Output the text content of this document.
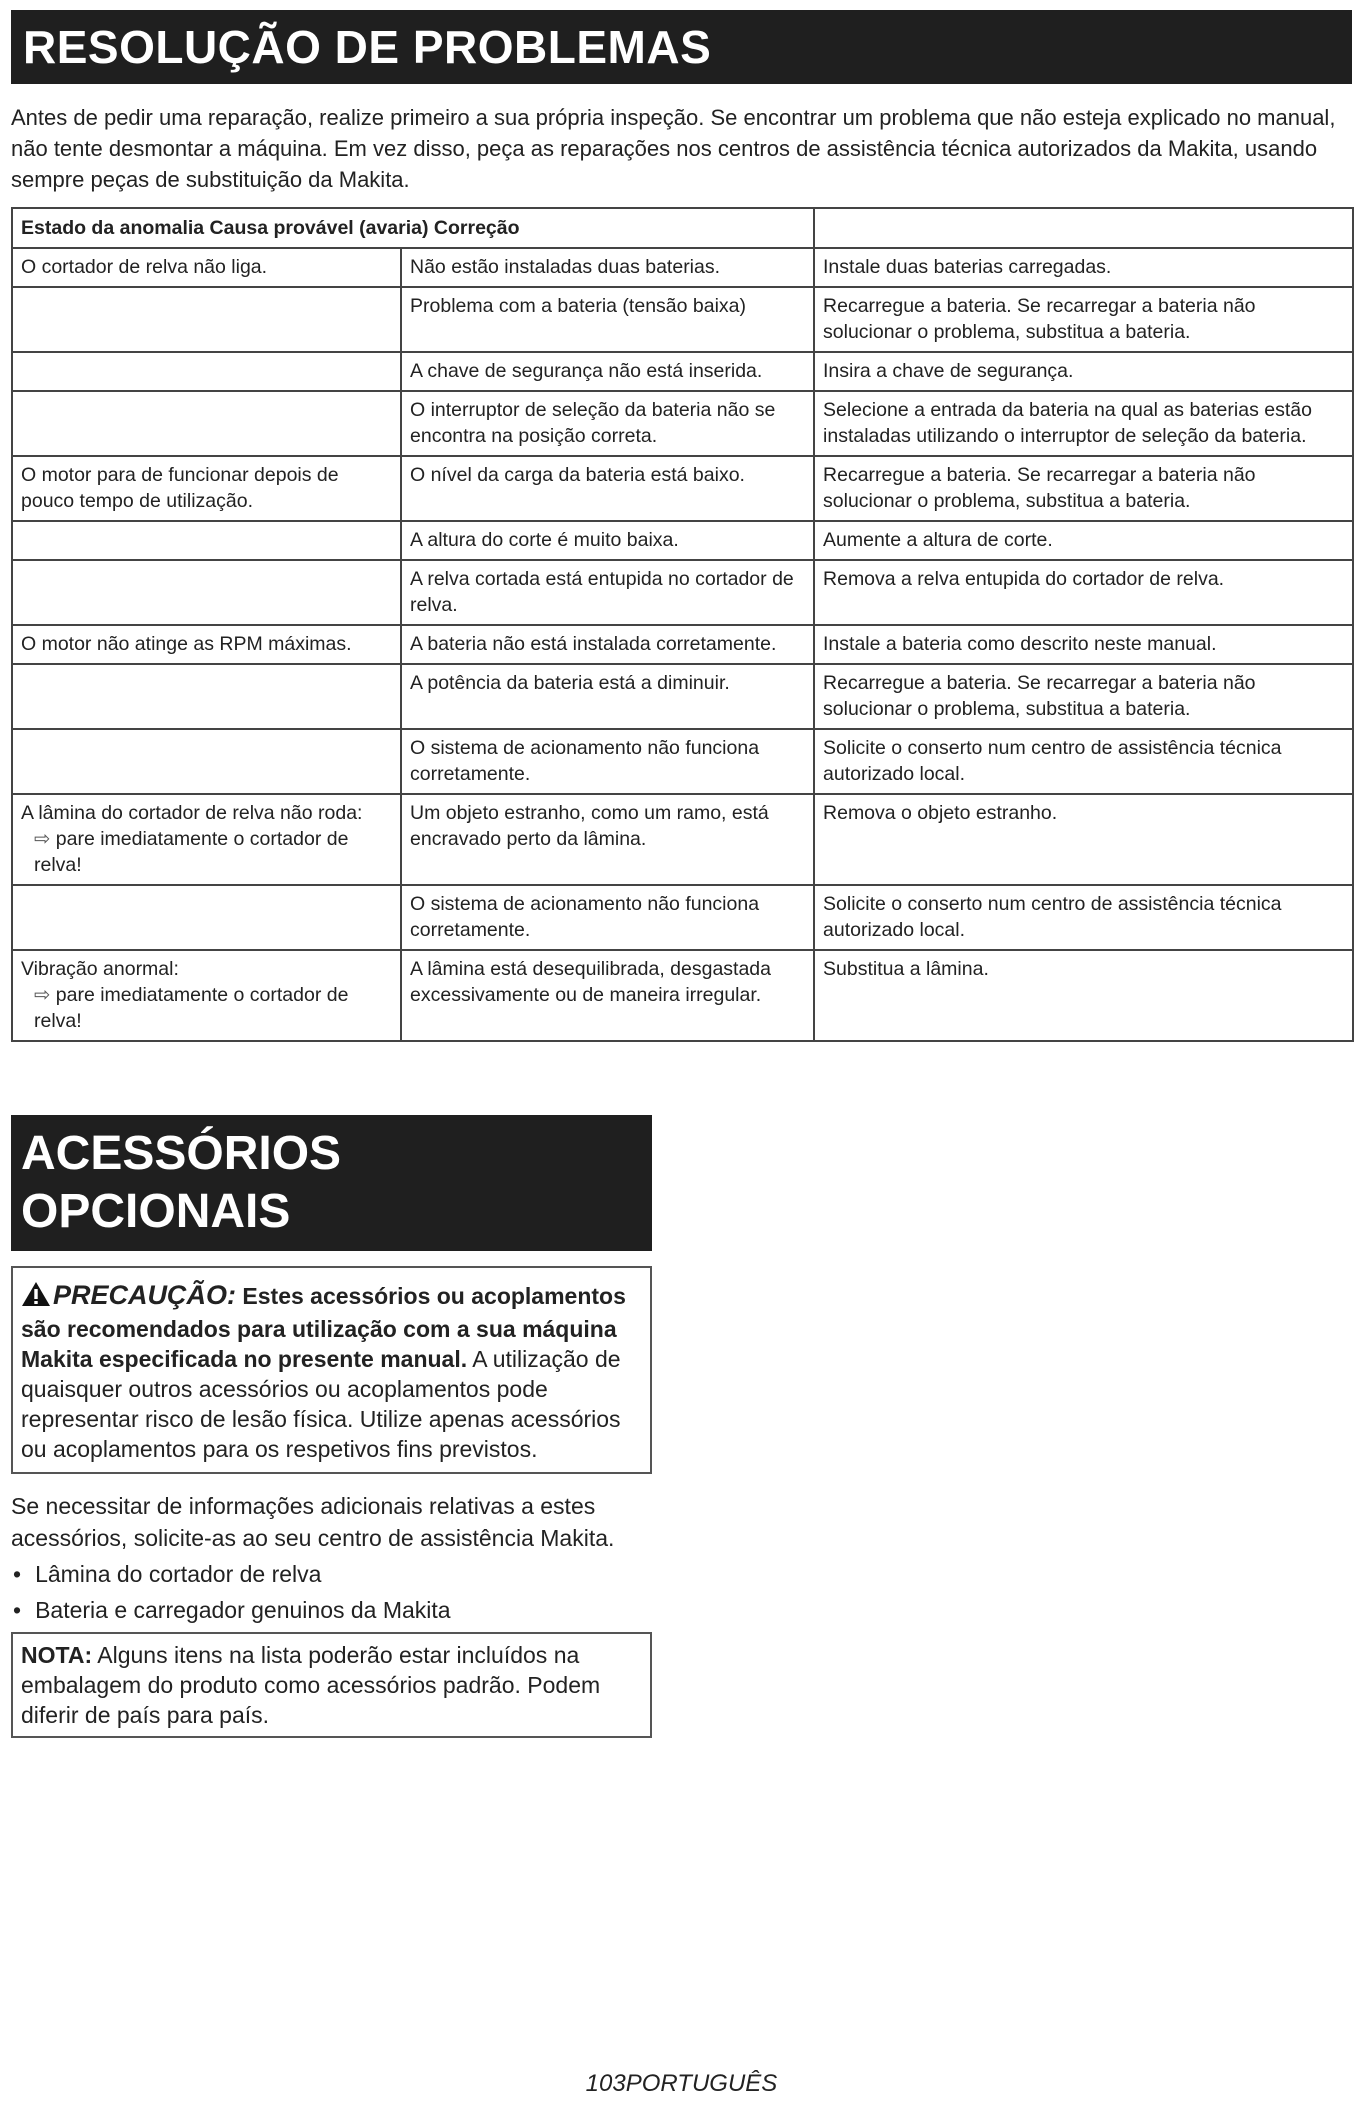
RESOLUÇÃO DE PROBLEMAS
Antes de pedir uma reparação, realize primeiro a sua própria inspeção. Se encontrar um problema que não esteja explicado no manual, não tente desmontar a máquina. Em vez disso, peça as reparações nos centros de assistência técnica autorizados da Makita, usando sempre peças de substituição da Makita.
Estado da anomalia Causa provável (avaria) Correção		
O cortador de relva não liga.	Não estão instaladas duas baterias.	Instale duas baterias carregadas.
	Problema com a bateria (tensão baixa)	Recarregue a bateria. Se recarregar a bateria não solucionar o problema, substitua a bateria.
	A chave de segurança não está inserida.	Insira a chave de segurança.
	O interruptor de seleção da bateria não se encontra na posição correta.	Selecione a entrada da bateria na qual as baterias estão instaladas utilizando o interruptor de seleção da bateria.
O motor para de funcionar depois de pouco tempo de utilização.	O nível da carga da bateria está baixo.	Recarregue a bateria. Se recarregar a bateria não solucionar o problema, substitua a bateria.
	A altura do corte é muito baixa.	Aumente a altura de corte.
	A relva cortada está entupida no cortador de relva.	Remova a relva entupida do cortador de relva.
O motor não atinge as RPM máximas.	A bateria não está instalada corretamente.	Instale a bateria como descrito neste manual.
	A potência da bateria está a diminuir.	Recarregue a bateria. Se recarregar a bateria não solucionar o problema, substitua a bateria.
	O sistema de acionamento não funciona corretamente.	Solicite o conserto num centro de assistência técnica autorizado local.

A lâmina do cortador de relva não roda:
⇨ pare imediatamente o cortador de relva!	Um objeto estranho, como um ramo, está encravado perto da lâmina.	Remova o objeto estranho.
	O sistema de acionamento não funciona corretamente.	Solicite o conserto num centro de assistência técnica autorizado local.

Vibração anormal:
⇨ pare imediatamente o cortador de relva!	A lâmina está desequilibrada, desgastada excessivamente ou de maneira irregular.	Substitua a lâmina.
ACESSÓRIOS
OPCIONAIS
PRECAUÇÃO: Estes acessórios ou acoplamentos são recomendados para utilização com a sua máquina Makita especificada no presente manual. A utilização de quaisquer outros acessórios ou acoplamentos pode representar risco de lesão física. Utilize apenas acessórios ou acoplamentos para os respetivos fins previstos.
Se necessitar de informações adicionais relativas a estes acessórios, solicite-as ao seu centro de assistência Makita.
• Lâmina do cortador de relva
• Bateria e carregador genuinos da Makita
NOTA: Alguns itens na lista poderão estar incluídos na embalagem do produto como acessórios padrão. Podem diferir de país para país.
103PORTUGUÊS
